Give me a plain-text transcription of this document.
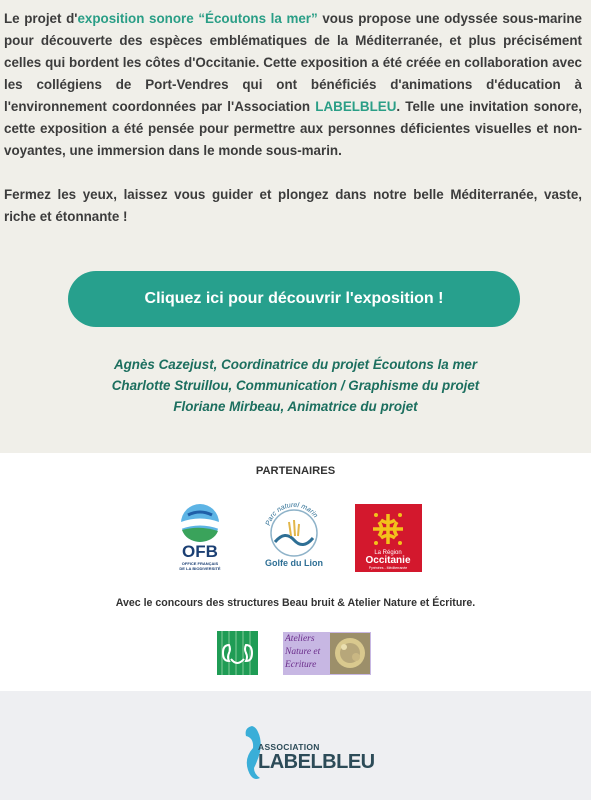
Le projet d'exposition sonore “Écoutons la mer” vous propose une odyssée sous-marine pour découverte des espèces emblématiques de la Méditerranée, et plus précisément celles qui bordent les côtes d'Occitanie. Cette exposition a été créée en collaboration avec les collégiens de Port-Vendres qui ont bénéficiés d'animations d'éducation à l'environnement coordonnées par l'Association LABELBLEU. Telle une invitation sonore, cette exposition a été pensée pour permettre aux personnes déficientes visuelles et non-voyantes, une immersion dans le monde sous-marin.

Fermez les yeux, laissez vous guider et plongez dans notre belle Méditerranée, vaste, riche et étonnante !

Cliquez ici pour découvrir l'exposition !
Agnès Cazejust, Coordinatrice du projet Écoutons la mer
Charlotte Struillou, Communication / Graphisme du projet
Floriane Mirbeau, Animatrice du projet
PARTENAIRES
OFB
OFFICE FRANÇAIS
DE LA BIODIVERSITÉ
Parc naturel marin
Golfe du Lion
La Région
Occitanie
Pyrénées - Méditerranée
Avec le concours des structures Beau bruit & Atelier Nature et Écriture.
Ateliers Nature et Ecriture
ASSOCIATION
LABELBLEU
